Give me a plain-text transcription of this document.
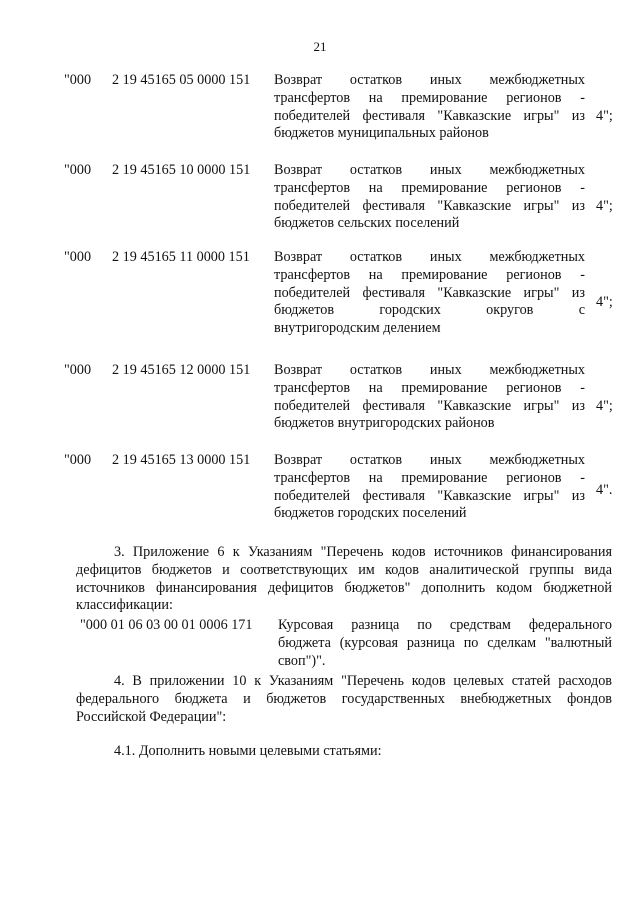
21
"000 2 19 45165 05 0000 151 Возврат остатков иных межбюджетных
трансфертов на премирование регионов -
победителей фестиваля "Кавказские игры" из
бюджетов муниципальных районов
4";
"000 2 19 45165 10 0000 151 Возврат остатков иных межбюджетных
трансфертов на премирование регионов -
победителей фестиваля "Кавказские игры" из
бюджетов сельских поселений
4";
"000 2 19 45165 11 0000 151 Возврат остатков иных межбюджетных
трансфертов на премирование регионов -
победителей фестиваля "Кавказские игры" из
бюджетов городских округов с
внутригородским делением
4";
"000 2 19 45165 12 0000 151 Возврат остатков иных межбюджетных
трансфертов на премирование регионов -
победителей фестиваля "Кавказские игры" из
бюджетов внутригородских районов
4";
"000 2 19 45165 13 0000 151 Возврат остатков иных межбюджетных
трансфертов на премирование регионов -
победителей фестиваля "Кавказские игры" из
бюджетов городских поселений
4".
3. Приложение 6 к Указаниям "Перечень кодов источников финансирования
дефицитов бюджетов и соответствующих им кодов аналитической группы вида
источников финансирования дефицитов бюджетов" дополнить кодом бюджетной
классификации:
"000 01 06 03 00 01 0006 171 Курсовая разница по средствам федерального
бюджета (курсовая разница по сделкам "валютный
своп")".
4. В приложении 10 к Указаниям "Перечень кодов целевых статей расходов
федерального бюджета и бюджетов государственных внебюджетных фондов
Российской Федерации":
4.1. Дополнить новыми целевыми статьями:
